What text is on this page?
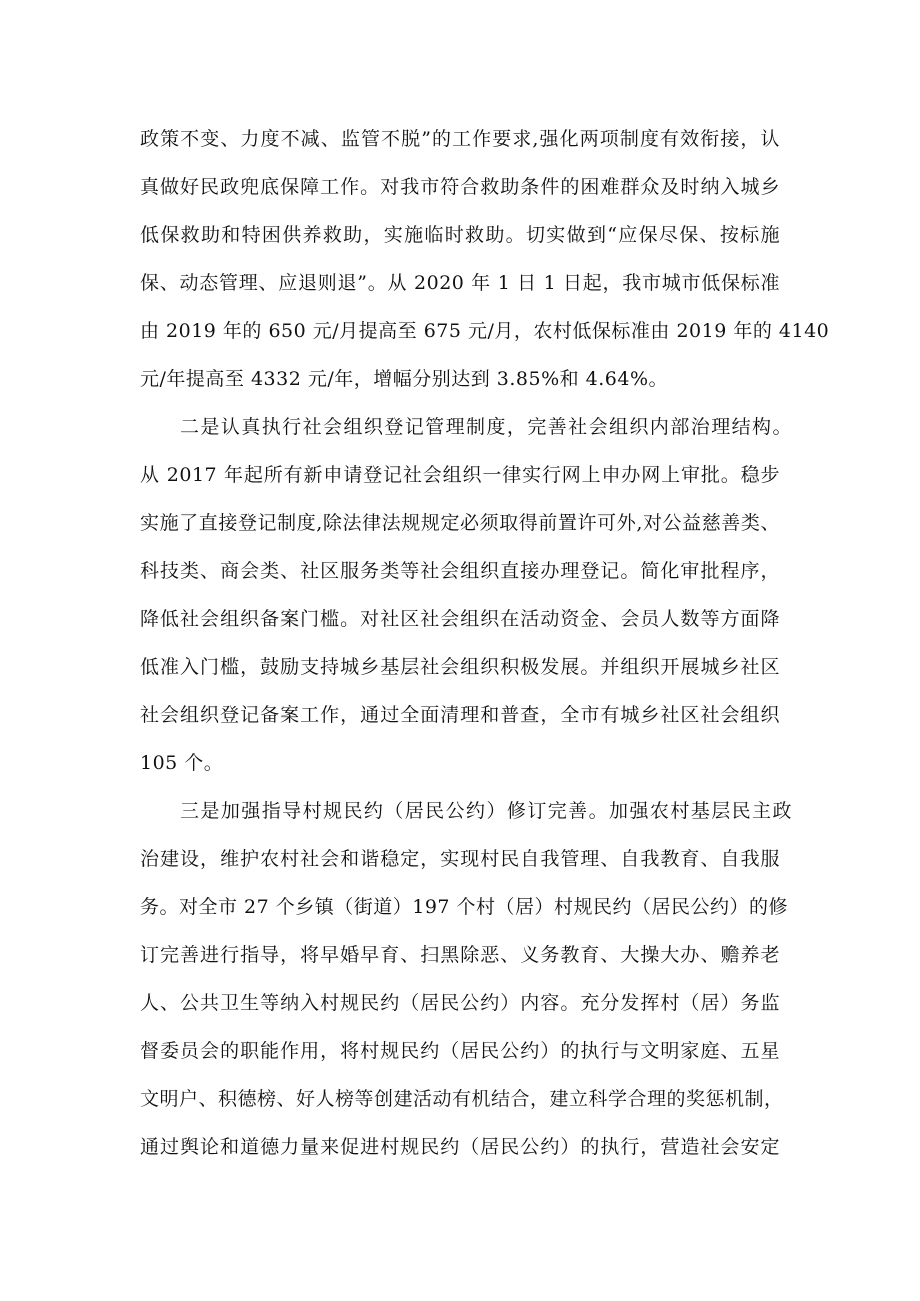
政策不变、力度不减、监管不脱”的工作要求,强化两项制度有效衔接，认
真做好民政兜底保障工作。对我市符合救助条件的困难群众及时纳入城乡
低保救助和特困供养救助，实施临时救助。切实做到“应保尽保、按标施
保、动态管理、应退则退”。从 2020 年 1 日 1 日起，我市城市低保标准
由 2019 年的 650 元/月提高至 675 元/月，农村低保标准由 2019 年的 4140
元/年提高至 4332 元/年，增幅分别达到 3.85%和 4.64%。
二是认真执行社会组织登记管理制度，完善社会组织内部治理结构。
从 2017 年起所有新申请登记社会组织一律实行网上申办网上审批。稳步
实施了直接登记制度,除法律法规规定必须取得前置许可外,对公益慈善类、
科技类、商会类、社区服务类等社会组织直接办理登记。简化审批程序，
降低社会组织备案门槛。对社区社会组织在活动资金、会员人数等方面降
低准入门槛，鼓励支持城乡基层社会组织积极发展。并组织开展城乡社区
社会组织登记备案工作，通过全面清理和普查，全市有城乡社区社会组织
105 个。
三是加强指导村规民约（居民公约）修订完善。加强农村基层民主政
治建设，维护农村社会和谐稳定，实现村民自我管理、自我教育、自我服
务。对全市 27 个乡镇（街道）197 个村（居）村规民约（居民公约）的修
订完善进行指导，将早婚早育、扫黑除恶、义务教育、大操大办、赡养老
人、公共卫生等纳入村规民约（居民公约）内容。充分发挥村（居）务监
督委员会的职能作用，将村规民约（居民公约）的执行与文明家庭、五星
文明户、积德榜、好人榜等创建活动有机结合，建立科学合理的奖惩机制，
通过舆论和道德力量来促进村规民约（居民公约）的执行，营造社会安定
